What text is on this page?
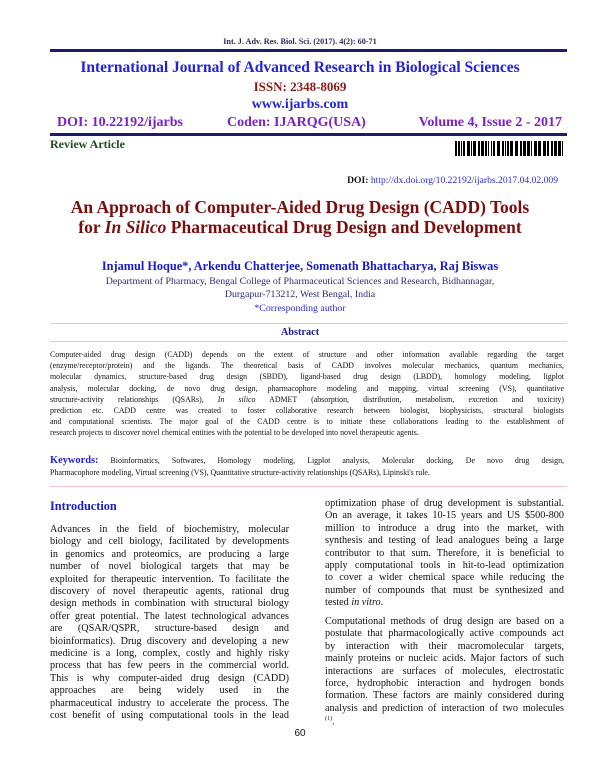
Int. J. Adv. Res. Biol. Sci. (2017). 4(2): 60-71
International Journal of Advanced Research in Biological Sciences
ISSN: 2348-8069
www.ijarbs.com
DOI: 10.22192/ijarbs	Coden: IJARQG(USA)	Volume 4, Issue 2 - 2017
Review Article
DOI: http://dx.doi.org/10.22192/ijarbs.2017.04.02.009
An Approach of Computer-Aided Drug Design (CADD) Tools
for In Silico Pharmaceutical Drug Design and Development
Injamul Hoque*, Arkendu Chatterjee, Somenath Bhattacharya, Raj Biswas
Department of Pharmacy, Bengal College of Pharmaceutical Sciences and Research, Bidhannagar,
Durgapur-713212, West Bengal, India
*Corresponding author
Abstract
Computer-aided drug design (CADD) depends on the extent of structure and other information available regarding the target
(enzyme/receptor/protein) and the ligands. The theoretical basis of CADD involves molecular mechanics, quantum mechanics,
molecular dynamics, structure-based drug design (SBDD), ligand-based drug design (LBDD), homology modeling, ligplot
analysis, molecular docking, de novo drug design, pharmacophore modeling and mapping, virtual screening (VS), quantitative
structure-activity relationships (QSARs), In silico ADMET (absorption, distribution, metabolism, excretion and toxicity)
prediction etc. CADD centre was created to foster collaborative research between biologist, biophysicists, structural biologists
and computational scientists. The major goal of the CADD centre is to initiate these collaborations leading to the establishment of
research projects to discover novel chemical entities with the potential to be developed into novel therapeutic agents.
Keywords: Bioinformatics, Softwares, Homology modeling, Ligplot analysis, Molecular docking, De novo drug design,
Pharmacophore modeling, Virtual screening (VS), Quantitative structure-activity relationships (QSARs), Lipinski's rule.
Introduction
Advances in the field of biochemistry, molecular
biology and cell biology, facilitated by developments
in genomics and proteomics, are producing a large
number of novel biological targets that may be
exploited for therapeutic intervention. To facilitate the
discovery of novel therapeutic agents, rational drug
design methods in combination with structural biology
offer great potential. The latest technological advances
are (QSAR/QSPR, structure-based design and
bioinformatics). Drug discovery and developing a new
medicine is a long, complex, costly and highly risky
process that has few peers in the commercial world.
This is why computer-aided drug design (CADD)
approaches are being widely used in the
pharmaceutical industry to accelerate the process. The
cost benefit of using computational tools in the lead
optimization phase of drug development is substantial.
On an average, it takes 10-15 years and US $500-800
million to introduce a drug into the market, with
synthesis and testing of lead analogues being a large
contributor to that sum. Therefore, it is beneficial to
apply computational tools in hit-to-lead optimization
to cover a wider chemical space while reducing the
number of compounds that must be synthesized and
tested in vitro.
Computational methods of drug design are based on a
postulate that pharmacologically active compounds act
by interaction with their macromolecular targets,
mainly proteins or nucleic acids. Major factors of such
interactions are surfaces of molecules, electrostatic
force, hydrophobic interaction and hydrogen bonds
formation. These factors are mainly considered during
analysis and prediction of interaction of two molecules
$^{(1)}$.
60
